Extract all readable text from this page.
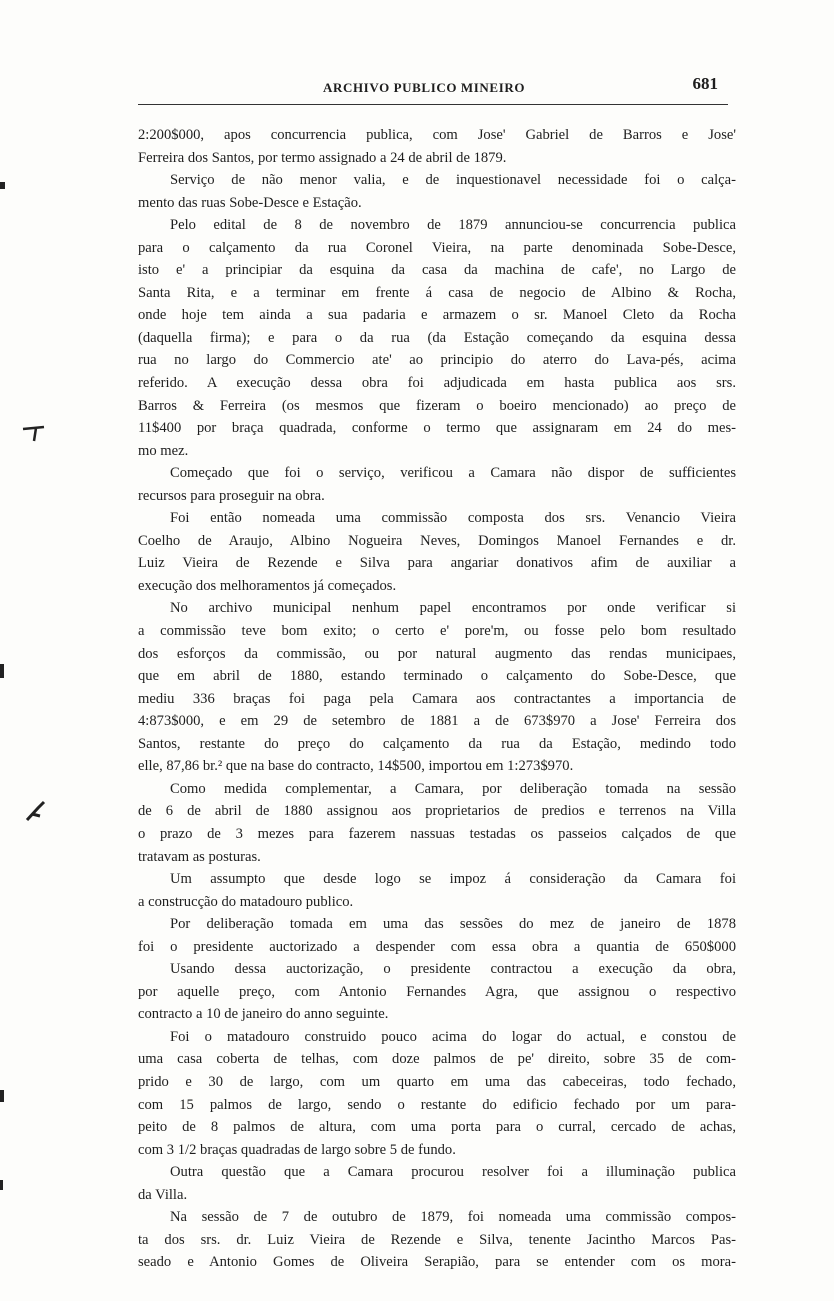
ARCHIVO PUBLICO MINEIRO	681
2:200$000, apos concurrencia publica, com Jose' Gabriel de Barros e Jose'
Ferreira dos Santos, por termo assignado a 24 de abril de 1879.
Serviço de não menor valia, e de inquestionavel necessidade foi o calça-
mento das ruas Sobe-Desce e Estação.
Pelo edital de 8 de novembro de 1879 annunciou-se concurrencia publica
para o calçamento da rua Coronel Vieira, na parte denominada Sobe-Desce,
isto e' a principiar da esquina da casa da machina de cafe', no Largo de
Santa Rita, e a terminar em frente á casa de negocio de Albino & Rocha,
onde hoje tem ainda a sua padaria e armazem o sr. Manoel Cleto da Rocha
(daquella firma); e para o da rua (da Estação começando da esquina dessa
rua no largo do Commercio ate' ao principio do aterro do Lava-pés, acima
referido. A execução dessa obra foi adjudicada em hasta publica aos srs.
Barros & Ferreira (os mesmos que fizeram o boeiro mencionado) ao preço de
11$400 por braça quadrada, conforme o termo que assignaram em 24 do mes-
mo mez.
Começado que foi o serviço, verificou a Camara não dispor de sufficientes
recursos para proseguir na obra.
Foi então nomeada uma commissão composta dos srs. Venancio Vieira
Coelho de Araujo, Albino Nogueira Neves, Domingos Manoel Fernandes e dr.
Luiz Vieira de Rezende e Silva para angariar donativos afim de auxiliar a
execução dos melhoramentos já começados.
No archivo municipal nenhum papel encontramos por onde verificar si
a commissão teve bom exito; o certo e' pore'm, ou fosse pelo bom resultado
dos esforços da commissão, ou por natural augmento das rendas municipaes,
que em abril de 1880, estando terminado o calçamento do Sobe-Desce, que
mediu 336 braças foi paga pela Camara aos contractantes a importancia de
4:873$000, e em 29 de setembro de 1881 a de 673$970 a Jose' Ferreira dos
Santos, restante do preço do calçamento da rua da Estação, medindo todo
elle, 87,86 br.² que na base do contracto, 14$500, importou em 1:273$970.
Como medida complementar, a Camara, por deliberação tomada na sessão
de 6 de abril de 1880 assignou aos proprietarios de predios e terrenos na Villa
o prazo de 3 mezes para fazerem nassuas testadas os passeios calçados de que
tratavam as posturas.
Um assumpto que desde logo se impoz á consideração da Camara foi
a construcção do matadouro publico.
Por deliberação tomada em uma das sessões do mez de janeiro de 1878
foi o presidente auctorizado a despender com essa obra a quantia de 650$000
Usando dessa auctorização, o presidente contractou a execução da obra,
por aquelle preço, com Antonio Fernandes Agra, que assignou o respectivo
contracto a 10 de janeiro do anno seguinte.
Foi o matadouro construido pouco acima do logar do actual, e constou de
uma casa coberta de telhas, com doze palmos de pe' direito, sobre 35 de com-
prido e 30 de largo, com um quarto em uma das cabeceiras, todo fechado,
com 15 palmos de largo, sendo o restante do edificio fechado por um para-
peito de 8 palmos de altura, com uma porta para o curral, cercado de achas,
com 3 1/2 braças quadradas de largo sobre 5 de fundo.
Outra questão que a Camara procurou resolver foi a illuminação publica
da Villa.
Na sessão de 7 de outubro de 1879, foi nomeada uma commissão compos-
ta dos srs. dr. Luiz Vieira de Rezende e Silva, tenente Jacintho Marcos Pas-
seado e Antonio Gomes de Oliveira Serapião, para se entender com os mora-
